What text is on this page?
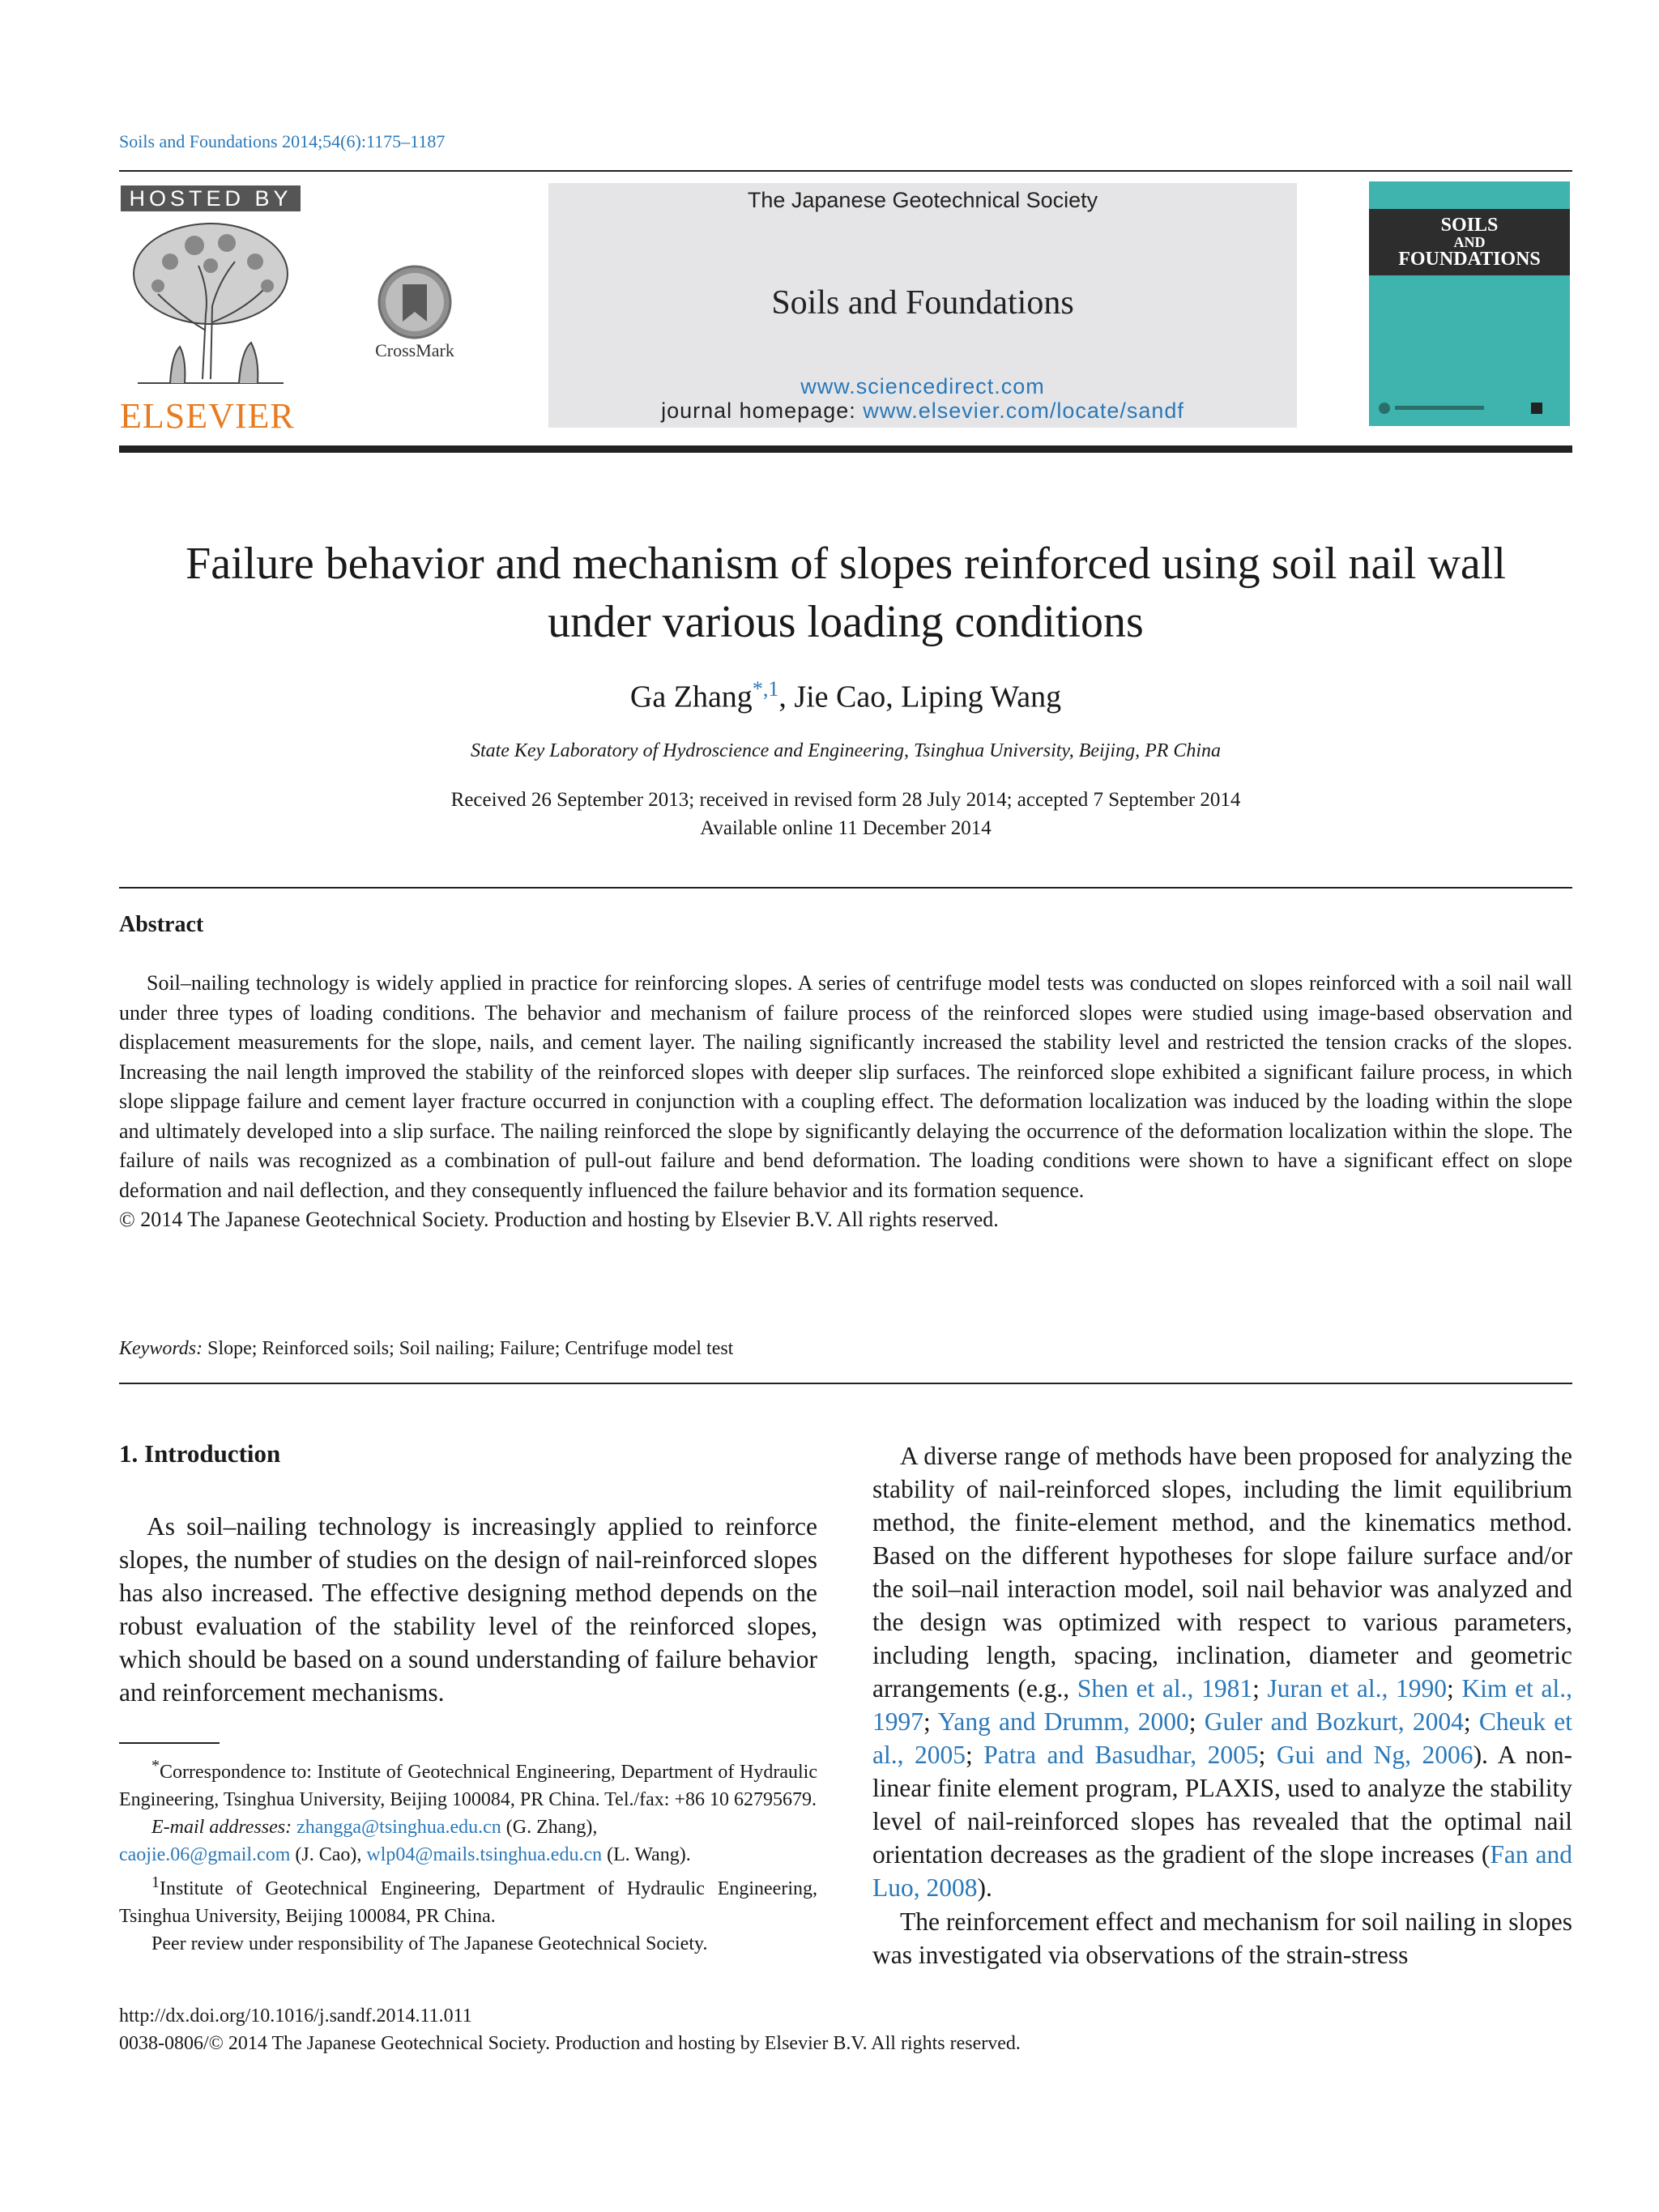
Soils and Foundations 2014;54(6):1175–1187
HOSTED BY
ELSEVIER
CrossMark
The Japanese Geotechnical Society
Soils and Foundations
www.sciencedirect.com
journal homepage: www.elsevier.com/locate/sandf
SOILS
AND
FOUNDATIONS
Failure behavior and mechanism of slopes reinforced using soil nail wall
under various loading conditions
Ga Zhang$^{*,1}$, Jie Cao, Liping Wang
State Key Laboratory of Hydroscience and Engineering, Tsinghua University, Beijing, PR China
Received 26 September 2013; received in revised form 28 July 2014; accepted 7 September 2014
Available online 11 December 2014
Abstract
Soil–nailing technology is widely applied in practice for reinforcing slopes. A series of centrifuge model tests was conducted on slopes reinforced with a soil nail wall under three types of loading conditions. The behavior and mechanism of failure process of the reinforced slopes were studied using image-based observation and displacement measurements for the slope, nails, and cement layer. The nailing significantly increased the stability level and restricted the tension cracks of the slopes. Increasing the nail length improved the stability of the reinforced slopes with deeper slip surfaces. The reinforced slope exhibited a significant failure process, in which slope slippage failure and cement layer fracture occurred in conjunction with a coupling effect. The deformation localization was induced by the loading within the slope and ultimately developed into a slip surface. The nailing reinforced the slope by significantly delaying the occurrence of the deformation localization within the slope. The failure of nails was recognized as a combination of pull-out failure and bend deformation. The loading conditions were shown to have a significant effect on slope deformation and nail deflection, and they consequently influenced the failure behavior and its formation sequence.
© 2014 The Japanese Geotechnical Society. Production and hosting by Elsevier B.V. All rights reserved.
Keywords: Slope; Reinforced soils; Soil nailing; Failure; Centrifuge model test
1. Introduction
As soil–nailing technology is increasingly applied to reinforce slopes, the number of studies on the design of nail-reinforced slopes has also increased. The effective designing method depends on the robust evaluation of the stability level of the reinforced slopes, which should be based on a sound understanding of failure behavior and reinforcement mechanisms.

*Correspondence to: Institute of Geotechnical Engineering, Department of Hydraulic Engineering, Tsinghua University, Beijing 100084, PR China. Tel./fax: +86 10 62795679.

E-mail addresses: zhangga@tsinghua.edu.cn (G. Zhang),
caojie.06@gmail.com (J. Cao), wlp04@mails.tsinghua.edu.cn (L. Wang).

$^1$Institute of Geotechnical Engineering, Department of Hydraulic Engineering, Tsinghua University, Beijing 100084, PR China.

Peer review under responsibility of The Japanese Geotechnical Society.

A diverse range of methods have been proposed for analyzing the stability of nail-reinforced slopes, including the limit equilibrium method, the finite-element method, and the kinematics method. Based on the different hypotheses for slope failure surface and/or the soil–nail interaction model, soil nail behavior was analyzed and the design was optimized with respect to various parameters, including length, spacing, inclination, diameter and geometric arrangements (e.g., Shen et al., 1981; Juran et al., 1990; Kim et al., 1997; Yang and Drumm, 2000; Guler and Bozkurt, 2004; Cheuk et al., 2005; Patra and Basudhar, 2005; Gui and Ng, 2006). A non-linear finite element program, PLAXIS, used to analyze the stability level of nail-reinforced slopes has revealed that the optimal nail orientation decreases as the gradient of the slope increases (Fan and Luo, 2008).
The reinforcement effect and mechanism for soil nailing in slopes was investigated via observations of the strain-stress
http://dx.doi.org/10.1016/j.sandf.2014.11.011
0038-0806/© 2014 The Japanese Geotechnical Society. Production and hosting by Elsevier B.V. All rights reserved.
